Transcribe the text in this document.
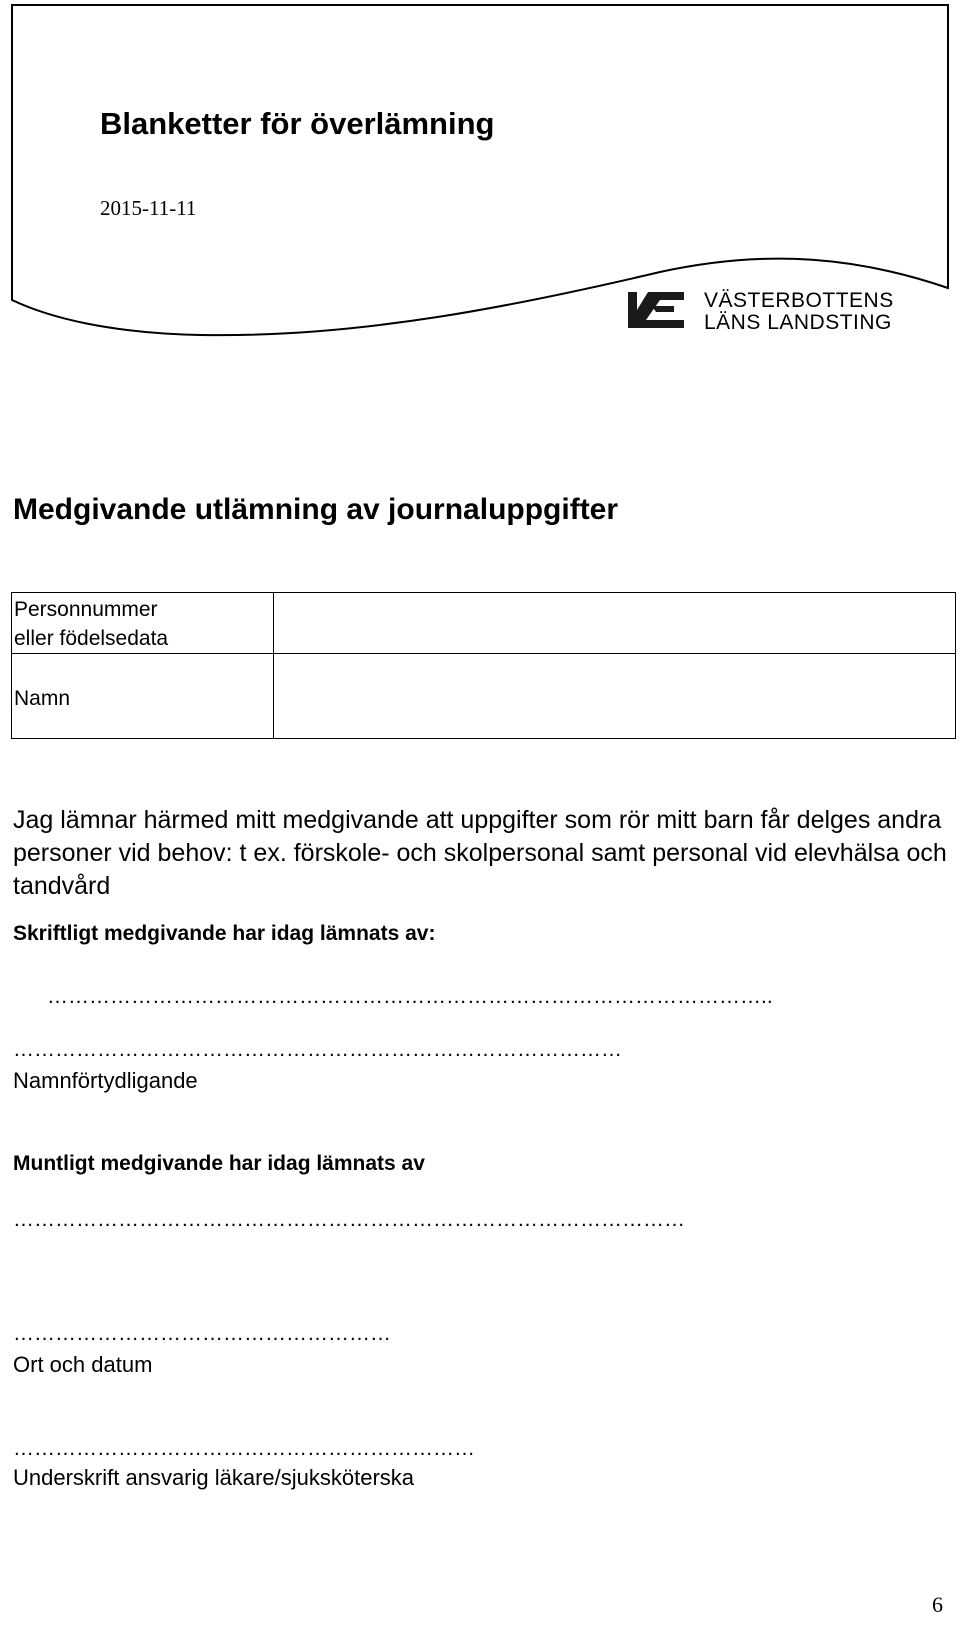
Blanketter för överlämning
2015-11-11
VÄSTERBOTTENS
LÄNS LANDSTING
Medgivande utlämning av journaluppgifter
Personnummer
eller födelsedata	

Namn	

Jag lämnar härmed mitt medgivande att uppgifter som rör mitt barn får delges andra personer vid behov: t ex. förskole- och skolpersonal samt personal vid elevhälsa och tandvård
Skriftligt medgivande har idag lämnats av:
…………………………………………………………………………………………..
……………………………………………………………………………
Namnförtydligande
Muntligt medgivande har idag lämnats av
……………………………………………………………………………………
………………………………………………
Ort och datum
…………………………………………………………
Underskrift ansvarig läkare/sjuksköterska
6
